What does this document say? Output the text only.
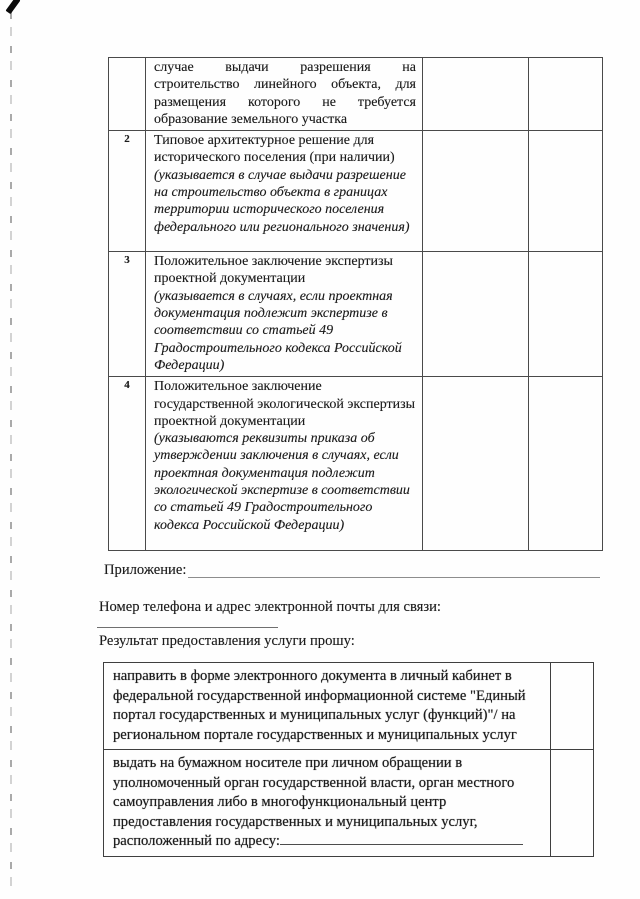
	случае выдачи разрешения на строительство линейного объекта, для размещения которого не требуется образование земельного участка		

2	Типовое архитектурное решение для исторического поселения (при наличии)
(указывается в случае выдачи разрешение на строительство объекта в границах территории исторического поселения федерального или регионального значения)		

3	Положительное заключение экспертизы проектной документации
(указывается в случаях, если проектная документация подлежит экспертизе в соответствии со статьей 49 Градостроительного кодекса Российской Федерации)		

4	Положительное заключение государственной экологической экспертизы проектной документации
(указываются реквизиты приказа об утверждении заключения в случаях, если проектная документация подлежит экологической экспертизе в соответствии со статьей 49 Градостроительного кодекса Российской Федерации)		

Приложение:
Номер телефона и адрес электронной почты для связи:
Результат предоставления услуги прошу:
направить в форме электронного документа в личный кабинет в федеральной государственной информационной системе "Единый портал государственных и муниципальных услуг (функций)"/ на региональном портале государственных и муниципальных услуг	
выдать на бумажном носителе при личном обращении в уполномоченный орган государственной власти, орган местного самоуправления либо в многофункциональный центр предоставления государственных и муниципальных услуг, расположенный по адресу:	
